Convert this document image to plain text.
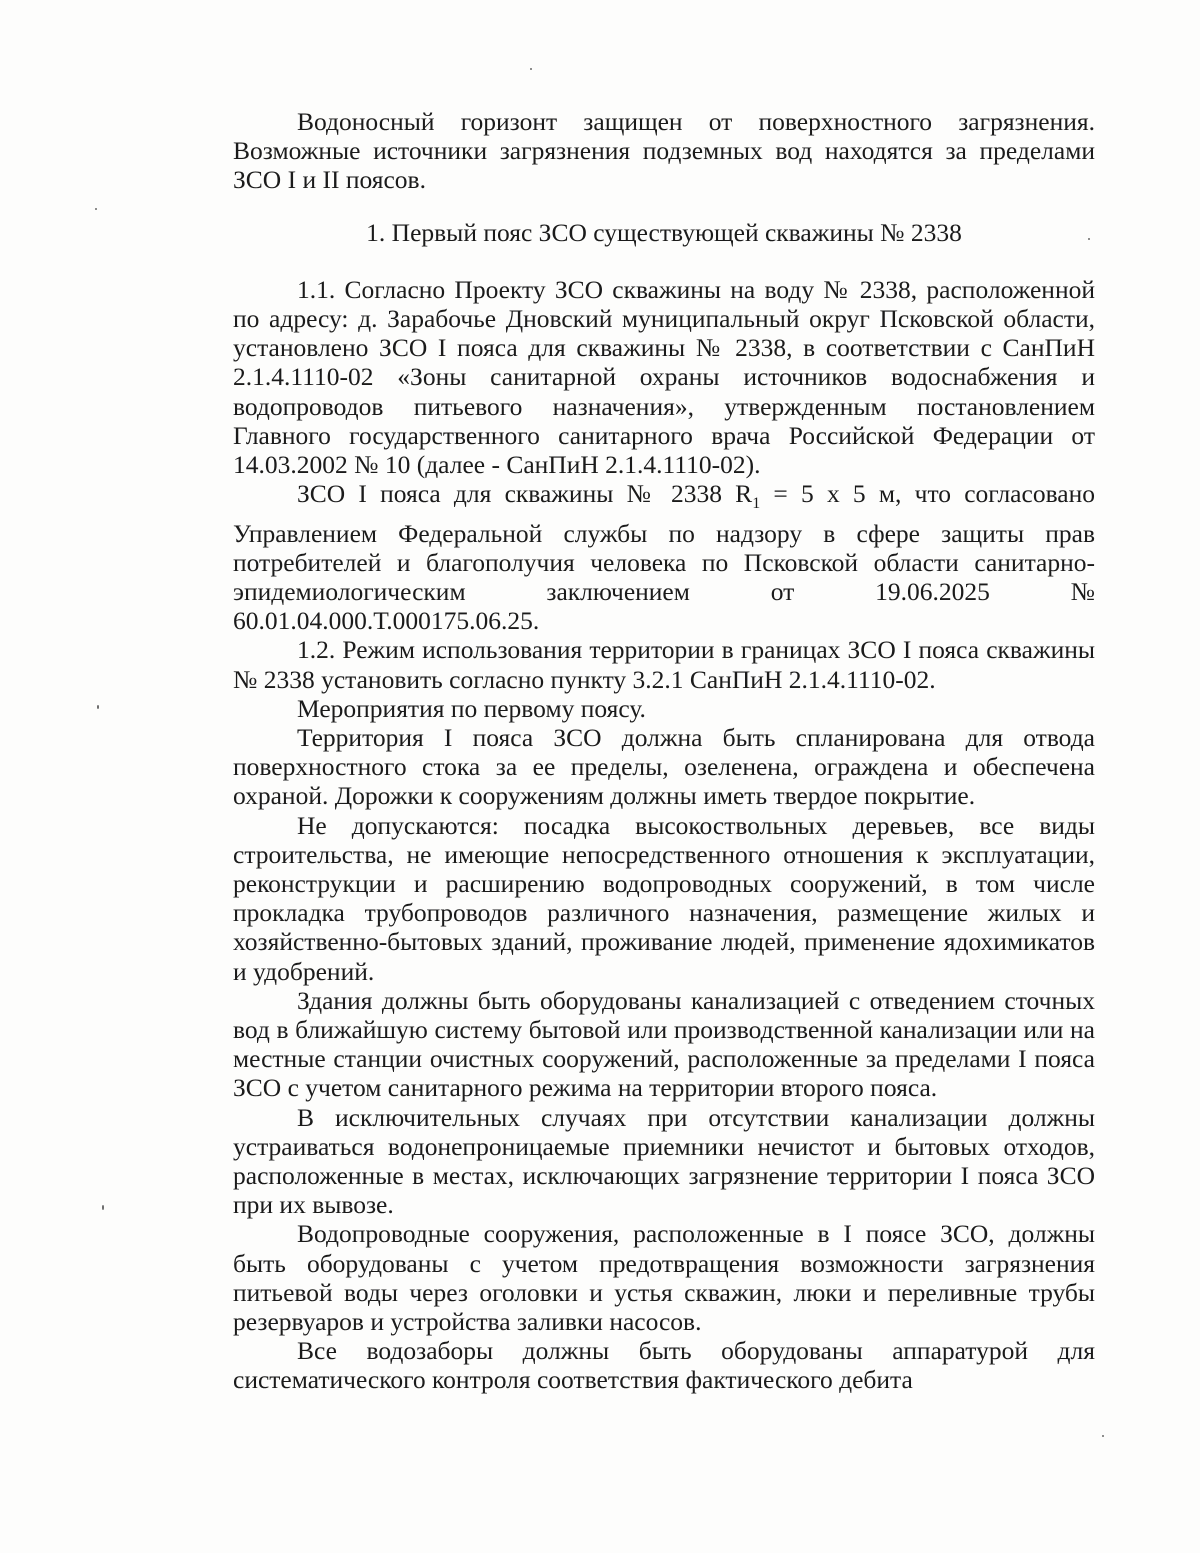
Водоносный горизонт защищен от поверхностного загрязнения. Возможные источники загрязнения подземных вод находятся за пределами ЗСО I и II поясов.

1. Первый пояс ЗСО существующей скважины № 2338

1.1. Согласно Проекту ЗСО скважины на воду № 2338, расположенной по адресу: д. Зарабочье Дновский муниципальный округ Псковской области, установлено ЗСО I пояса для скважины № 2338, в соответствии с СанПиН 2.1.4.1110-02 «Зоны санитарной охраны источников водоснабжения и водопроводов питьевого назначения», утвержденным постановлением Главного государственного санитарного врача Российской Федерации от 14.03.2002 № 10 (далее - СанПиН 2.1.4.1110-02).

ЗСО I пояса для скважины № 2338 $R_1 = 5$ х 5 м, что согласовано Управлением Федеральной службы по надзору в сфере защиты прав потребителей и благополучия человека по Псковской области санитарно-эпидемиологическим заключением от 19.06.2025 № 60.01.04.000.Т.000175.06.25.

1.2. Режим использования территории в границах ЗСО I пояса скважины № 2338 установить согласно пункту 3.2.1 СанПиН 2.1.4.1110-02.

Мероприятия по первому поясу.

Территория I пояса ЗСО должна быть спланирована для отвода поверхностного стока за ее пределы, озеленена, ограждена и обеспечена охраной. Дорожки к сооружениям должны иметь твердое покрытие.

Не допускаются: посадка высокоствольных деревьев, все виды строительства, не имеющие непосредственного отношения к эксплуатации, реконструкции и расширению водопроводных сооружений, в том числе прокладка трубопроводов различного назначения, размещение жилых и хозяйственно-бытовых зданий, проживание людей, применение ядохимикатов и удобрений.

Здания должны быть оборудованы канализацией с отведением сточных вод в ближайшую систему бытовой или производственной канализации или на местные станции очистных сооружений, расположенные за пределами I пояса ЗСО с учетом санитарного режима на территории второго пояса.

В исключительных случаях при отсутствии канализации должны устраиваться водонепроницаемые приемники нечистот и бытовых отходов, расположенные в местах, исключающих загрязнение территории I пояса ЗСО при их вывозе.

Водопроводные сооружения, расположенные в I поясе ЗСО, должны быть оборудованы с учетом предотвращения возможности загрязнения питьевой воды через оголовки и устья скважин, люки и переливные трубы резервуаров и устройства заливки насосов.

Все водозаборы должны быть оборудованы аппаратурой для систематического контроля соответствия фактического дебита
